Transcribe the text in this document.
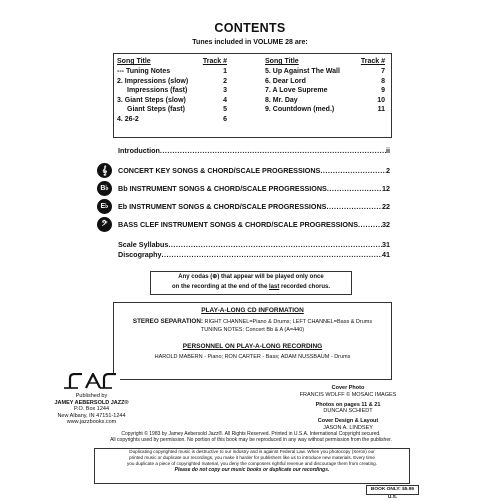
CONTENTS
Tunes included in VOLUME 28 are:
Song Title	Track #
--- Tuning Notes	1
2. Impressions (slow)	2
Impressions (fast)	3
3. Giant Steps (slow)	4
Giant Steps (fast)	5
4. 26-2	6
Song Title	Track #
5. Up Against The Wall	7
6. Dear Lord	8
7. A Love Supreme	9
8. Mr. Day	10
9. Countdown (med.)	11
Introduction .....	ii
𝄞	CONCERT KEY SONGS & CHORD/SCALE PROGRESSIONS .....	2
B♭	Bb INSTRUMENT SONGS & CHORD/SCALE PROGRESSIONS .....	12
E♭	Eb INSTRUMENT SONGS & CHORD/SCALE PROGRESSIONS .....	22
𝄢	BASS CLEF INSTRUMENT SONGS & CHORD/SCALE PROGRESSIONS .....	32
Scale Syllabus .....	31
Discography .....	41
Any codas (⊕) that appear will be played only once
on the recording at the end of the last recorded chorus.
PLAY-A-LONG CD INFORMATION
STEREO SEPARATION: RIGHT CHANNEL=Piano & Drums; LEFT CHANNEL=Bass & Drums
TUNING NOTES: Concert Bb & A (A=440)
PERSONNEL ON PLAY-A-LONG RECORDING
HAROLD MABERN - Piano; RON CARTER - Bass; ADAM NUSSBAUM - Drums
Published by
JAMEY AEBERSOLD JAZZ®
P.O. Box 1244
New Albany, IN 47151-1244
www.jazzbooks.com
Cover Photo
FRANCIS WOLFF © MOSAIC IMAGES
Photos on pages 11 & 21
DUNCAN SCHIEDT
Cover Design & Layout
JASON A. LINDSEY
Copyright © 1983 by Jamey Aebersold Jazz®. All Rights Reserved. Printed in U.S.A. International Copyright secured.
All copyrights used by permission. No portion of this book may be reproduced in any way without permission from the publisher.
Duplicating copyrighted music is destructive to our industry and is against Federal Law. When you photocopy (Xerox) our
printed music or duplicate our recordings, you make it harder for publishers like us to introduce new materials. Every time
you duplicate a piece of copyrighted material, you deny the composers rightful revenue and discourage them from creating.
Please do not copy our music books or duplicate our recordings.
BOOK ONLY: $5.95 U.S.
